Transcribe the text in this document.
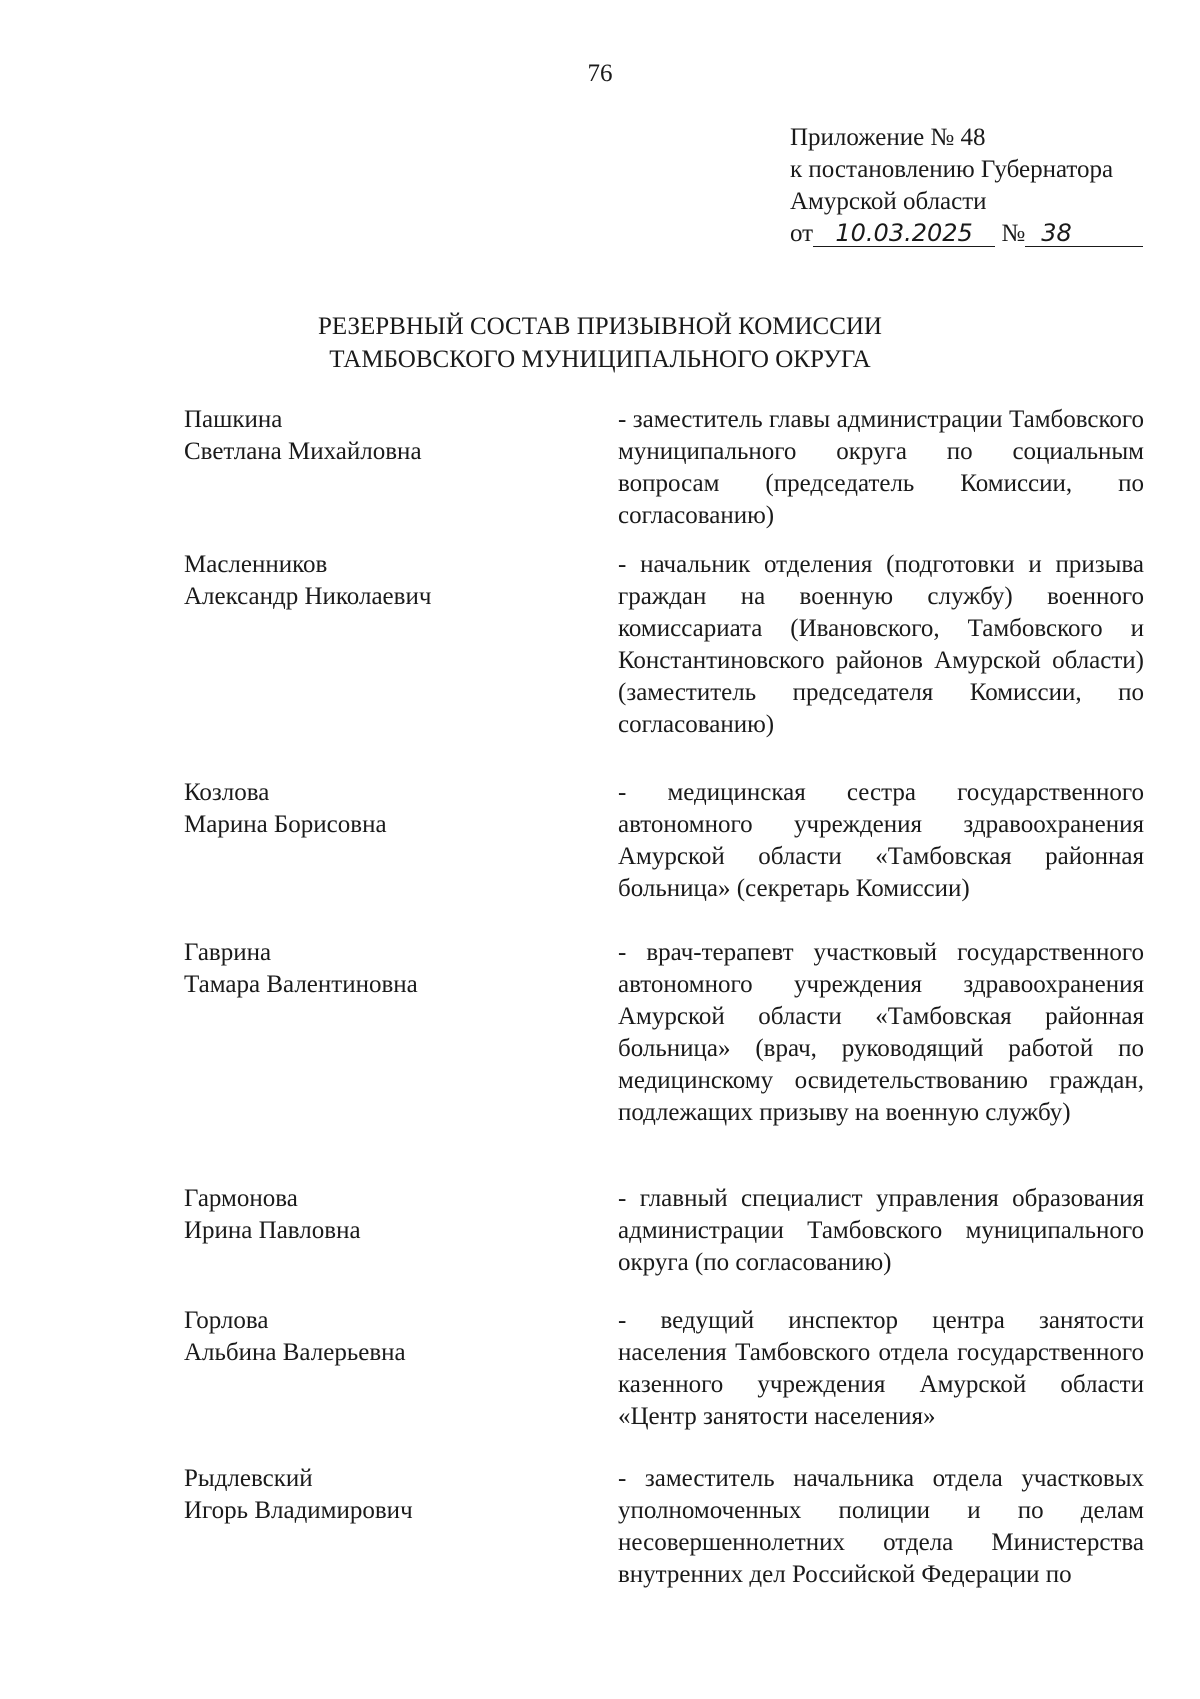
76
Приложение № 48
к постановлению Губернатора
Амурской области
от 10.03.2025 № 38
РЕЗЕРВНЫЙ СОСТАВ ПРИЗЫВНОЙ КОМИССИИ
ТАМБОВСКОГО МУНИЦИПАЛЬНОГО ОКРУГА
Пашкина
Светлана Михайловна
- заместитель главы администрации Тамбовского муниципального округа по социальным вопросам (председатель Комиссии, по согласованию)
Масленников
Александр Николаевич
- начальник отделения (подготовки и призыва граждан на военную службу) военного комиссариата (Ивановского, Тамбовского и Константиновского районов Амурской области) (заместитель председателя Комиссии, по согласованию)
Козлова
Марина Борисовна
- медицинская сестра государственного автономного учреждения здравоохранения Амурской области «Тамбовская районная больница» (секретарь Комиссии)
Гаврина
Тамара Валентиновна
- врач-терапевт участковый государственного автономного учреждения здравоохранения Амурской области «Тамбовская районная больница» (врач, руководящий работой по медицинскому освидетельствованию граждан, подлежащих призыву на военную службу)
Гармонова
Ирина Павловна
- главный специалист управления образования администрации Тамбовского муниципального округа (по согласованию)
Горлова
Альбина Валерьевна
- ведущий инспектор центра занятости населения Тамбовского отдела государственного казенного учреждения Амурской области «Центр занятости населения»
Рыдлевский
Игорь Владимирович
- заместитель начальника отдела участковых уполномоченных полиции и по делам несовершеннолетних отдела Министерства внутренних дел Российской Федерации по
